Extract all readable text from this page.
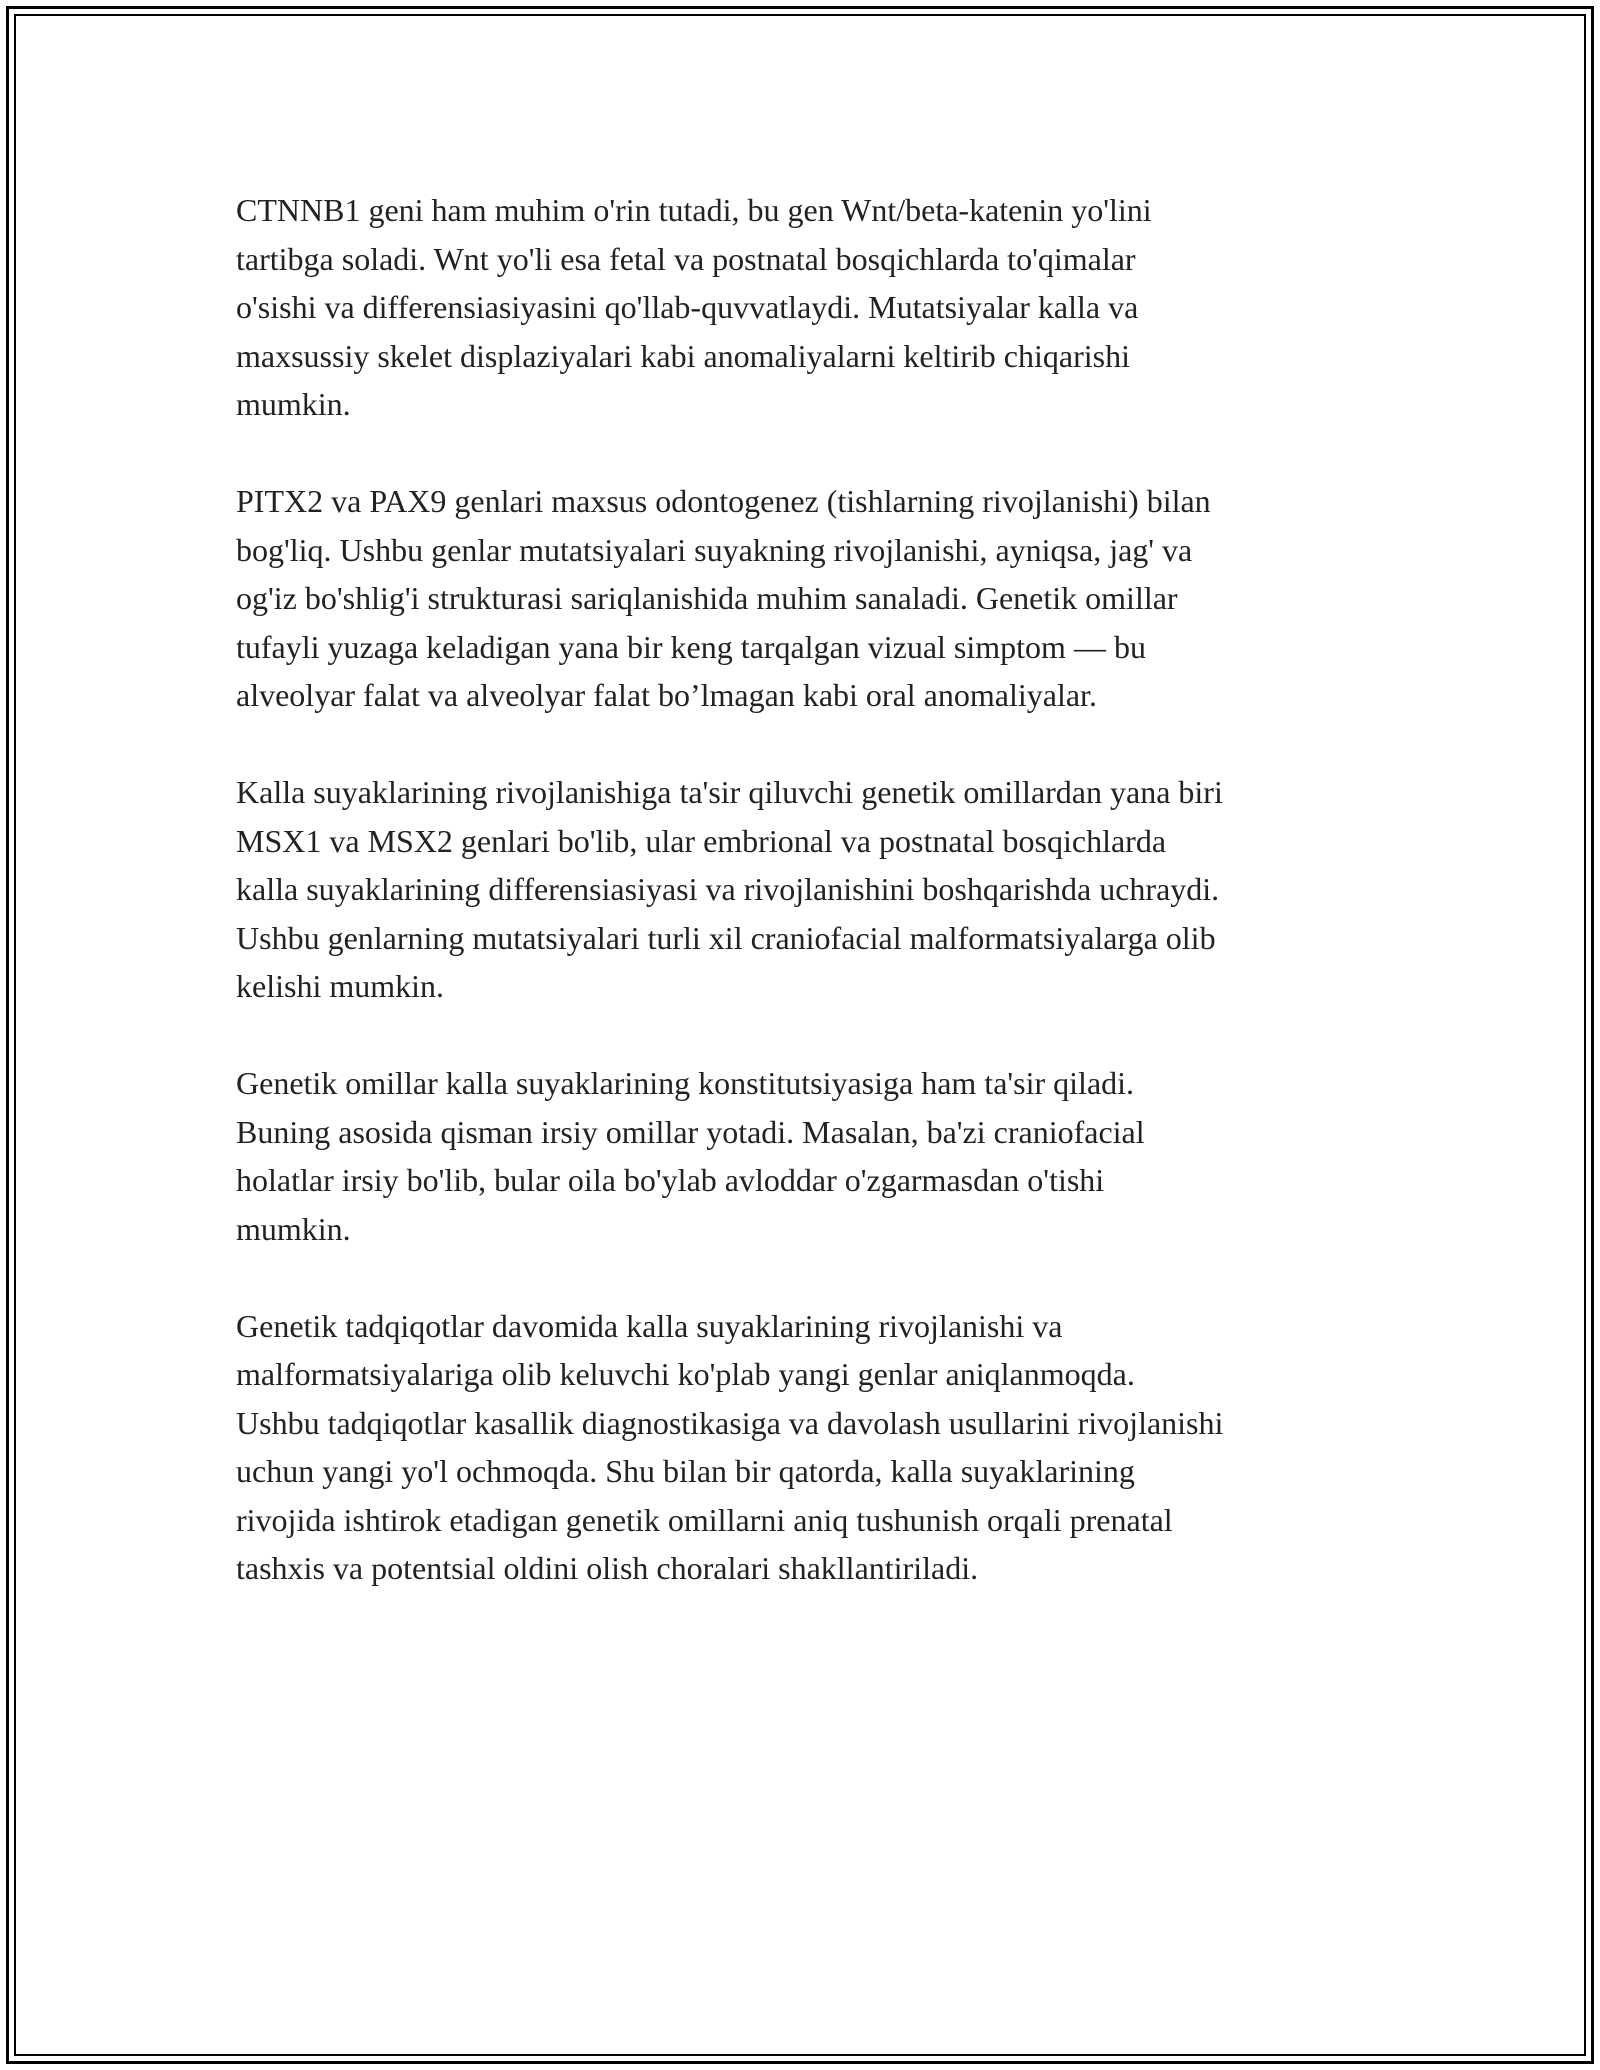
CTNNB1 geni ham muhim o'rin tutadi, bu gen Wnt/beta-katenin yo'lini
tartibga soladi. Wnt yo'li esa fetal va postnatal bosqichlarda to'qimalar
o'sishi va differensiasiyasini qo'llab-quvvatlaydi. Mutatsiyalar kalla va
maxsussiy skelet displaziyalari kabi anomaliyalarni keltirib chiqarishi
mumkin.

PITX2 va PAX9 genlari maxsus odontogenez (tishlarning rivojlanishi) bilan
bog'liq. Ushbu genlar mutatsiyalari suyakning rivojlanishi, ayniqsa, jag' va
og'iz bo'shlig'i strukturasi sariqlanishida muhim sanaladi. Genetik omillar
tufayli yuzaga keladigan yana bir keng tarqalgan vizual simptom — bu
alveolyar falat va alveolyar falat bo’lmagan kabi oral anomaliyalar.

Kalla suyaklarining rivojlanishiga ta'sir qiluvchi genetik omillardan yana biri
MSX1 va MSX2 genlari bo'lib, ular embrional va postnatal bosqichlarda
kalla suyaklarining differensiasiyasi va rivojlanishini boshqarishda uchraydi.
Ushbu genlarning mutatsiyalari turli xil craniofacial malformatsiyalarga olib
kelishi mumkin.

Genetik omillar kalla suyaklarining konstitutsiyasiga ham ta'sir qiladi.
Buning asosida qisman irsiy omillar yotadi. Masalan, ba'zi craniofacial
holatlar irsiy bo'lib, bular oila bo'ylab avloddar o'zgarmasdan o'tishi
mumkin.

Genetik tadqiqotlar davomida kalla suyaklarining rivojlanishi va
malformatsiyalariga olib keluvchi ko'plab yangi genlar aniqlanmoqda.
Ushbu tadqiqotlar kasallik diagnostikasiga va davolash usullarini rivojlanishi
uchun yangi yo'l ochmoqda. Shu bilan bir qatorda, kalla suyaklarining
rivojida ishtirok etadigan genetik omillarni aniq tushunish orqali prenatal
tashxis va potentsial oldini olish choralari shakllantiriladi.
